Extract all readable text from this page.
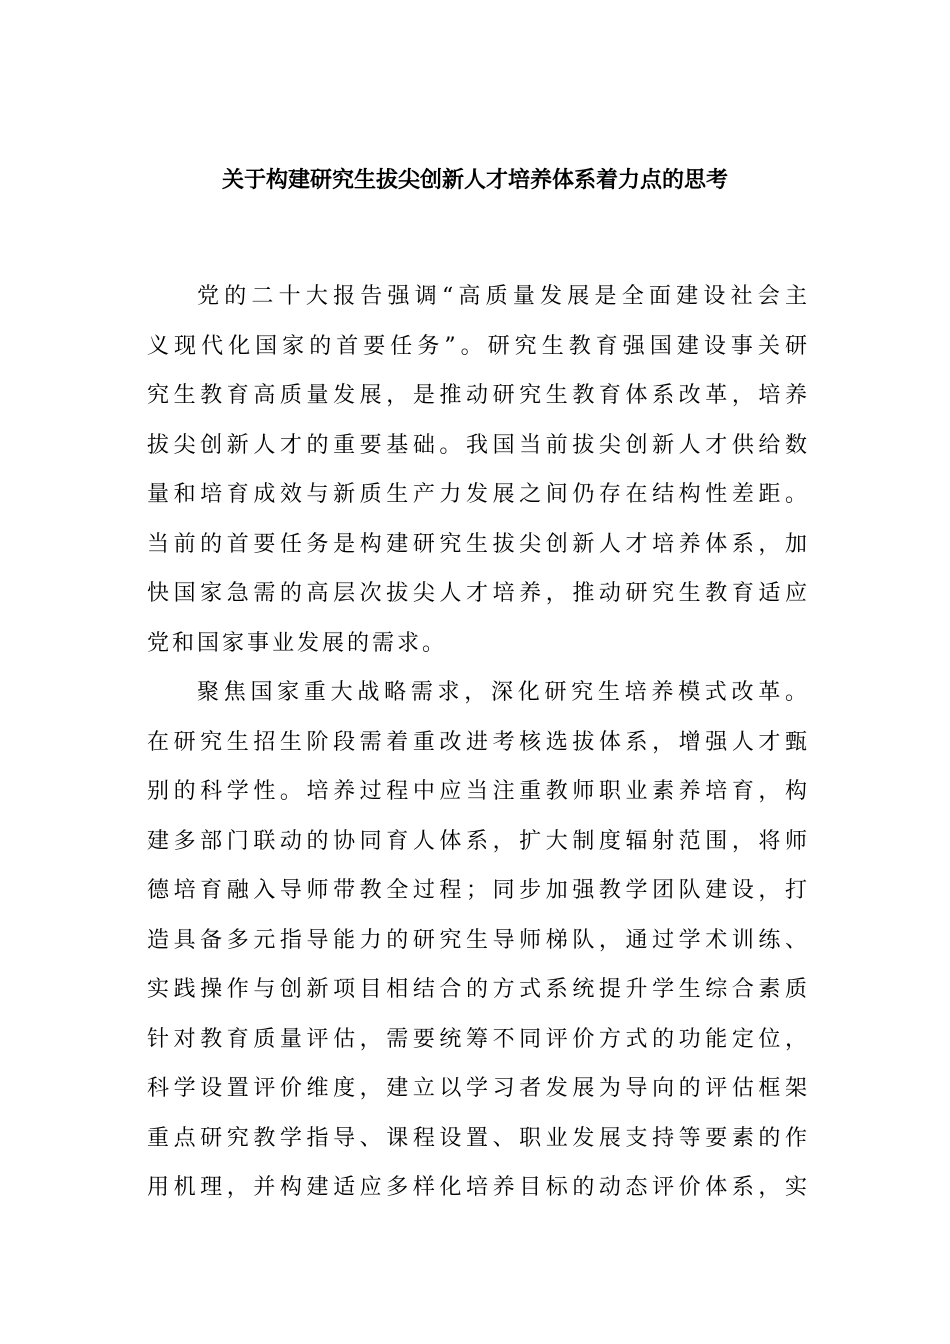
关于构建研究生拔尖创新人才培养体系着力点的思考
党的二十大报告强调“高质量发展是全面建设社会主
义现代化国家的首要任务”。研究生教育强国建设事关研
究生教育高质量发展，是推动研究生教育体系改革，培养
拔尖创新人才的重要基础。我国当前拔尖创新人才供给数
量和培育成效与新质生产力发展之间仍存在结构性差距。
当前的首要任务是构建研究生拔尖创新人才培养体系，加
快国家急需的高层次拔尖人才培养，推动研究生教育适应
党和国家事业发展的需求。
聚焦国家重大战略需求，深化研究生培养模式改革。
在研究生招生阶段需着重改进考核选拔体系，增强人才甄
别的科学性。培养过程中应当注重教师职业素养培育，构
建多部门联动的协同育人体系，扩大制度辐射范围，将师
德培育融入导师带教全过程；同步加强教学团队建设，打
造具备多元指导能力的研究生导师梯队，通过学术训练、
实践操作与创新项目相结合的方式系统提升学生综合素质
针对教育质量评估，需要统筹不同评价方式的功能定位，
科学设置评价维度，建立以学习者发展为导向的评估框架
重点研究教学指导、课程设置、职业发展支持等要素的作
用机理，并构建适应多样化培养目标的动态评价体系，实
